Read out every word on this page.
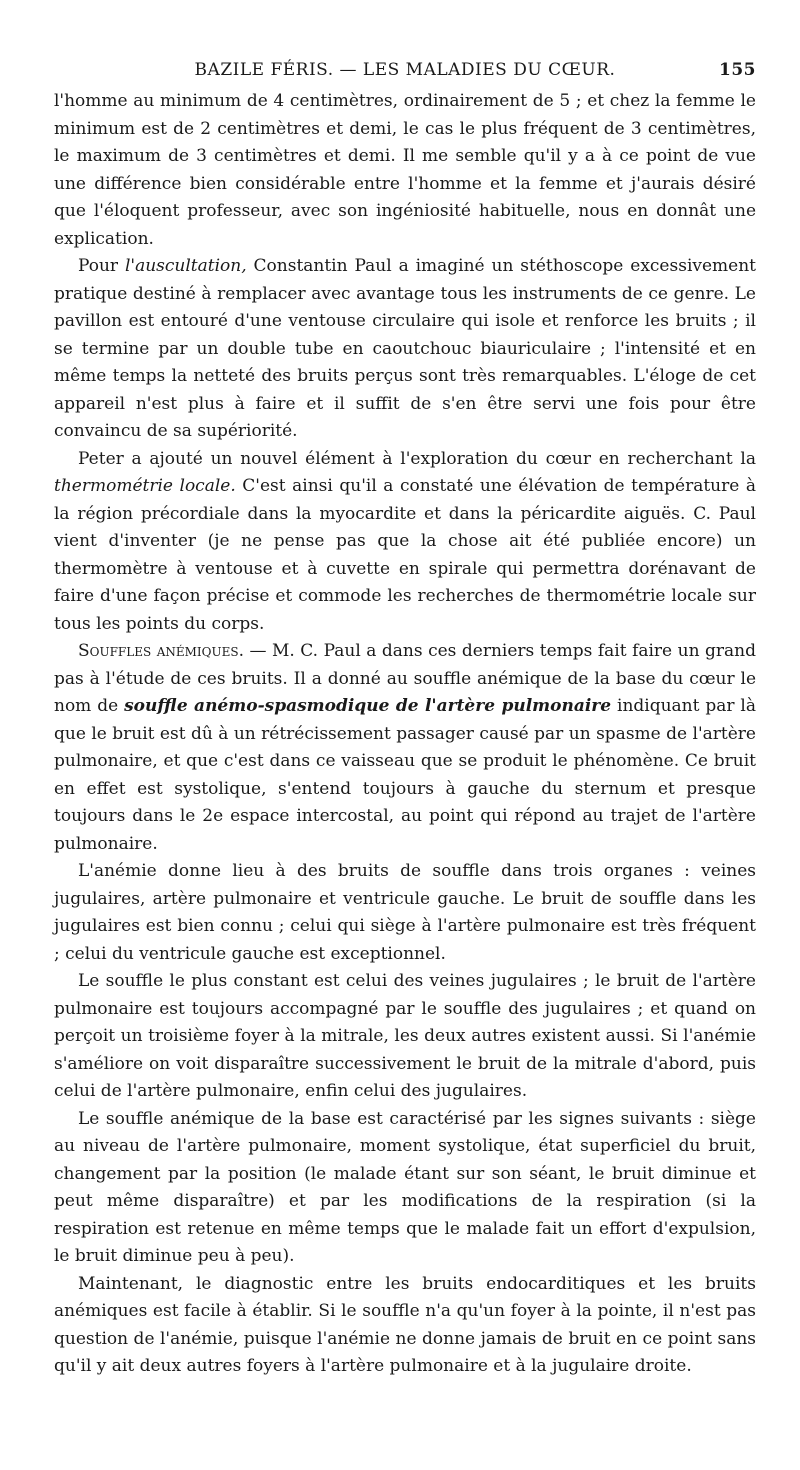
BAZILE FÉRIS. — LES MALADIES DU CŒUR.	155

l'homme au minimum de 4 centimètres, ordinairement de 5 ; et chez la femme le minimum est de 2 centimètres et demi, le cas le plus fréquent de 3 centimètres, le maximum de 3 centimètres et demi. Il me semble qu'il y a à ce point de vue une différence bien considérable entre l'homme et la femme et j'aurais désiré que l'éloquent professeur, avec son ingéniosité habituelle, nous en donnât une explication.

Pour l'auscultation, Constantin Paul a imaginé un stéthoscope excessivement pratique destiné à remplacer avec avantage tous les instruments de ce genre. Le pavillon est entouré d'une ventouse circulaire qui isole et renforce les bruits ; il se termine par un double tube en caoutchouc biauriculaire ; l'intensité et en même temps la netteté des bruits perçus sont très remarquables. L'éloge de cet appareil n'est plus à faire et il suffit de s'en être servi une fois pour être convaincu de sa supériorité.

Peter a ajouté un nouvel élément à l'exploration du cœur en recherchant la thermométrie locale. C'est ainsi qu'il a constaté une élévation de température à la région précordiale dans la myocardite et dans la péricardite aiguës. C. Paul vient d'inventer (je ne pense pas que la chose ait été publiée encore) un thermomètre à ventouse et à cuvette en spirale qui permettra dorénavant de faire d'une façon précise et commode les recherches de thermométrie locale sur tous les points du corps.

Souffles anémiques. — M. C. Paul a dans ces derniers temps fait faire un grand pas à l'étude de ces bruits. Il a donné au souffle anémique de la base du cœur le nom de souffle anémo-spasmodique de l'artère pulmonaire indiquant par là que le bruit est dû à un rétrécissement passager causé par un spasme de l'artère pulmonaire, et que c'est dans ce vaisseau que se produit le phénomène. Ce bruit en effet est systolique, s'entend toujours à gauche du sternum et presque toujours dans le 2e espace intercostal, au point qui répond au trajet de l'artère pulmonaire.

L'anémie donne lieu à des bruits de souffle dans trois organes : veines jugulaires, artère pulmonaire et ventricule gauche. Le bruit de souffle dans les jugulaires est bien connu ; celui qui siège à l'artère pulmonaire est très fréquent ; celui du ventricule gauche est exceptionnel.

Le souffle le plus constant est celui des veines jugulaires ; le bruit de l'artère pulmonaire est toujours accompagné par le souffle des jugulaires ; et quand on perçoit un troisième foyer à la mitrale, les deux autres existent aussi. Si l'anémie s'améliore on voit disparaître successivement le bruit de la mitrale d'abord, puis celui de l'artère pulmonaire, enfin celui des jugulaires.

Le souffle anémique de la base est caractérisé par les signes suivants : siège au niveau de l'artère pulmonaire, moment systolique, état superficiel du bruit, changement par la position (le malade étant sur son séant, le bruit diminue et peut même disparaître) et par les modifications de la respiration (si la respiration est retenue en même temps que le malade fait un effort d'expulsion, le bruit diminue peu à peu).

Maintenant, le diagnostic entre les bruits endocarditiques et les bruits anémiques est facile à établir. Si le souffle n'a qu'un foyer à la pointe, il n'est pas question de l'anémie, puisque l'anémie ne donne jamais de bruit en ce point sans qu'il y ait deux autres foyers à l'artère pulmonaire et à la jugulaire droite.
